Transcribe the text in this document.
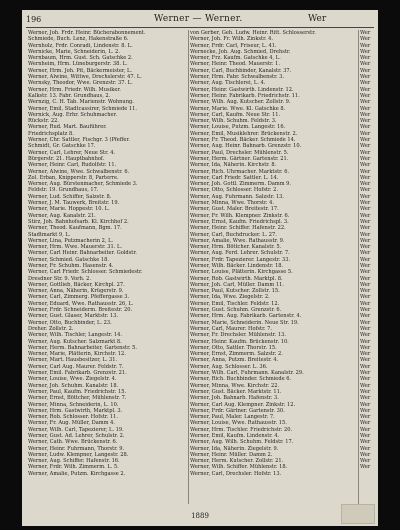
196	Werner — Werner.	Wer

Werner, Joh. Frdr. Heinr. Bücherabonnement.

Schmiede, Buch. Lenz, Hakenstraße 6.

Wernholz, Frdr. Conradi, Lindenstr. 8. L.

Wernicke, Marie, Schneiderin, L. 2.

Wernbaum, Hrm. Gust. Sch. Gatschke 2.

Wernheim, Hrm. Lüneburgerstr. 38. L.

Werner, Hrm. Joh. Pit, Bäckermeister, L.

Werner, Alwine, Wittwe, Drechslerstr. 47. L.

Wernsky, Theodor, Wwe. Grenzstr. 37. L.

Werner, Hrm. Friedr. Wilh. Musiker.

Kalkstr. 13. Fabr. Grundhaus, 2.

Wernzig, C. H. Tab. Marienstr. Wohnung.

Werner, Emil, Stadtcassirer, Schmiede 11.

Wernick, Aug. Erhr. Schuhmacher.

Rückstr. 22.

Werner, Rud. Mart. Bauführer.

Friedrichsplatz 8.

Werner, Chr. Sattler, Fischgr. 3 (Pfeffer.

Schmidt, Gr. Gatschke 17.

Werner, Carl, Lehrer, Neue Str. 4.

Bürgerstr. 21. Hauptbahnhof.

Werner, Heinr. Carl, Rudolfstr. 11.

Werner, Alwine, Wwe. Schwalbenstr. 6.

Zol. Erban, Knipperstr. 8, Parterre.

Werner, Aug. Bürstenmacher, Schmiede 3.

Feldstr. 19. Grundhaus, 17.

Werner, Lud. Schiffer, Salzstr. 8.

Werner, J. M. Tauwerk, Breitstr. 19.

Werner, Marie. Hoppestr. 10. L.

Werner, Aug. Kanalstr. 21.

Stirz, Joh. Bahnhofsarb. Kl. Kirchhof 2.

Werner, Theod. Kaufmann, Bgm. 17.

Stadtmarkt 9, L.

Werner, Lina, Putzmacherin 2, L.

Werner, Hrm. Wwe. Mauerstr. 31. L.

Werner, Carl Heinr. Bahnarbeiter. Goldstr.

Werner, Schmied. Gatschke 18.

Werner, Fr. Schuhm. Hasenstr. 4.

Werner, Carl Friedr. Schlosser. Schmiedestr.

Dresdner Str. 9. Vorh. 2.

Werner, Gottlieb, Bäcker, Kirchpl. 27.

Werner, Anna, Näherin, Krügerstr. 9.

Werner, Carl, Zimmerg. Pfeffergasse 3.

Werner, Eduard, Wwe. Rathausstr. 26, L.

Werner, Frdr. Schneiderm. Breitestr. 20.

Werner, Gust. Glaser, Marktstr. 13.

Werner, Otto, Buchbinder, L. 23.

Dreher. Zollstr. 2.

Werner, Wilh. Tischler, Langestr. 14.

Werner, Aug. Kutscher. Salzmarkt 8.

Werner, Herm. Bahnarbeiter, Gartenstr. 5.

Werner, Marie, Plätterin, Kirchstr. 12.

Werner, Mart. Hausbesitzer, L. 31.

Werner, Carl Aug. Maurer. Feldstr. 7.

Werner, Emil. Fabrikarb. Grenzstr. 21.

Werner, Louise, Wwe. Ziegelstr. 4.

Werner, Joh. Schuhm. Kanalstr. 18.

Werner, Paul, Kaufm. Friedrichstr. 15.

Werner, Ernst, Böttcher, Mühlenstr. 7.

Werner, Minna, Schneiderin, L. 10.

Werner, Hrm. Gastwirth, Marktpl. 3.

Werner, Rob. Schlosser. Hofstr. 11.

Werner, Fr. Aug. Müller, Damm 4.

Werner, Wilh. Carl, Tapezierer, L. 19.

Werner, Gust. Ad. Lehrer, Schulstr. 2.

Werner, Cath. Wwe. Brückenstr. 6.

Werner, Heinr. Fuhrmann, Thorstr. 9.

Werner, Ludw. Klempner, Langestr. 28.

Werner, Aug. Schiffer. Hafenstr. 16.

Werner, Frdr. Wilh. Zimmerm. L. 5.

Werner, Amalie, Putzm. Kirchgasse 2.

von Gerber, Geh. Ludw. Heinr. Ritt. Schlosserstr.

Werner, Joh. Fr. Wilh. Zinkstr. 4.

Werner, Frdr. Carl, Friseur, L. 41.

Wernecke, Joh. Aug. Schmied, Drehstr.

Werner, Frz. Kaufm. Gatschke 4, L.

Werner, Heinr. Theod. Mauerstr. 1.

Werner, Carl, Buchbinder, Kanalstr. 37.

Werner, Hrm. Fabr. Schwalbenstr. 3.

Werner, Aug. Tischlerei, L. 4.

Werner, Heinr. Gastwirth. Lindenstr. 12.

Werner, Heinr. Fabrikarb. Friedrichstr. 11.

Werner, Wilh. Aug. Kutscher. Zollstr. 9.

Werner, Marie. Wwe. Kl. Gatschke 8.

Werner, Carl, Kaufm. Neue Str. 11.

Werner, Wilh. Schuhm. Feldstr. 3.

Werner, Louise, Putzm. Langestr. 16.

Werner, Emil, Musiklehrer. Brückenstr. 2.

Werner, Fr. Theod. Bäcker. Schmiede 14.

Werner, Aug. Heinr. Bahnarb. Grenzstr. 10.

Werner, Paul, Drechsler. Mühlenstr. 5.

Werner, Herm. Gärtner. Gartenstr. 21.

Werner, Ida, Näherin. Kirchstr. 8.

Werner, Rich. Uhrmacher. Marktstr. 6.

Werner, Carl Friedr. Sattler. L. 14.

Werner, Joh. Gottl. Zimmerm. Damm 9.

Werner, Otto, Schlosser. Hofstr. 2.

Werner, Aug. Fuhrmann. Salzstr. 13.

Werner, Minna, Wwe. Thorstr. 4.

Werner, Gust. Maler. Breitestr. 17.

Werner, Fr. Wilh. Klempner. Zinkstr. 6.

Werner, Ernst, Kaufm. Friedrichspl. 3.

Werner, Heinr. Schiffer. Hafenstr. 22.

Werner, Carl, Buchdrucker. L. 27.

Werner, Amalie, Wwe. Rathausstr. 9.

Werner, Hrm. Böttcher. Kanalstr. 5.

Werner, Aug. Ferd. Lehrer. Schulstr. 7.

Werner, Frdr. Tapezierer. Langestr. 33.

Werner, Wilh. Bäcker. Lindenstr. 18.

Werner, Louise, Plätterin. Kirchgasse 5.

Werner, Rob. Gastwirth. Marktpl. 8.

Werner, Joh. Carl, Müller. Damm 11.

Werner, Paul, Kutscher. Zollstr. 15.

Werner, Ida, Wwe. Ziegelstr. 2.

Werner, Emil, Tischler. Feldstr. 12.

Werner, Gust. Schuhm. Grenzstr. 6.

Werner, Hrm. Aug. Fabrikarb. Gartenstr. 4.

Werner, Marie, Schneiderin. Neue Str. 19.

Werner, Carl, Maurer. Hofstr. 7.

Werner, Fr. Drechsler. Mühlenstr. 13.

Werner, Heinr. Kaufm. Brückenstr. 10.

Werner, Otto, Sattler. Thorstr. 15.

Werner, Ernst, Zimmerm. Salzstr. 2.

Werner, Anna, Putzm. Breitestr. 4.

Werner, Aug. Schlosser. L. 36.

Werner, Wilh. Carl, Fuhrmann. Kanalstr. 29.

Werner, Rich. Buchbinder. Schmiede 6.

Werner, Minna, Wwe. Kirchstr. 22.

Werner, Gust. Bäcker. Marktstr. 11.

Werner, Joh. Bahnarb. Hafenstr. 3.

Werner, Carl Aug. Klempner. Zinkstr. 12.

Werner, Frdr. Gärtner. Gartenstr. 30.

Werner, Paul, Maler. Langestr. 7.

Werner, Louise, Wwe. Rathausstr. 15.

Werner, Hrm. Tischler. Friedrichstr. 20.

Werner, Emil, Kaufm. Lindenstr. 4.

Werner, Aug. Wilh. Schuhm. Feldstr. 17.

Werner, Ida, Näherin. Ziegelstr. 9.

Werner, Heinr. Müller. Damm 2.

Werner, Herm. Kutscher. Zollstr. 21.

Werner, Wilh. Schiffer. Mühlenstr. 18.

Werner, Carl, Drechsler. Hofstr. 13.

Wer

Wer

Wer

Wer

Wer

Wer

Wer

Wer

Wer

Wer

Wer

Wer

Wer

Wer

Wer

Wer

Wer

Wer

Wer

Wer

Wer

Wer

Wer

Wer

Wer

Wer

Wer

Wer

Wer

Wer

Wer

Wer

Wer

Wer

Wer

Wer

Wer

Wer

Wer

Wer

Wer

Wer

Wer

Wer

Wer

Wer

Wer

Wer

Wer

Wer

Wer

Wer

Wer

Wer

Wer

Wer

Wer

Wer

Wer

Wer

Wer

Wer

Wer

Wer

Wer

Wer

Wer

Wer

Wer

Wer

1889
